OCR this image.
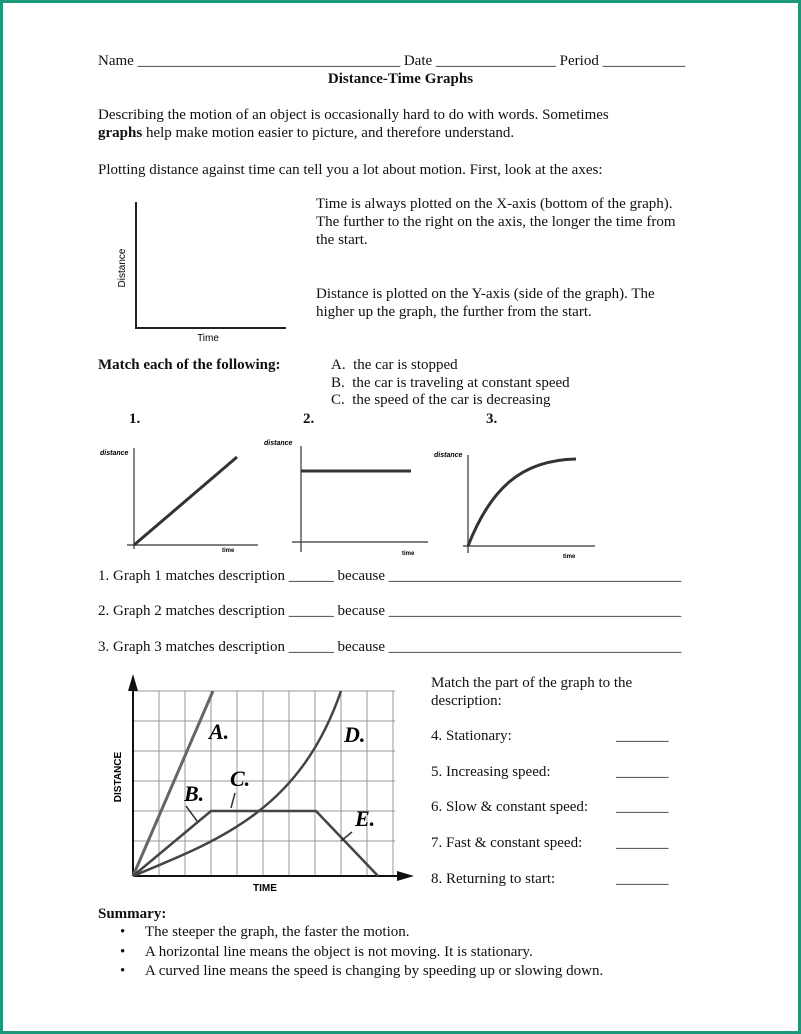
Name ___________________________________ Date ________________ Period ___________
Distance-Time Graphs
Describing the motion of an object is occasionally hard to do with words. Sometimes
graphs help make motion easier to picture, and therefore understand.
Plotting distance against time can tell you a lot about motion. First, look at the axes:
Distance
Time
Time is always plotted on the X-axis (bottom of the graph).
The further to the right on the axis, the longer the time from
the start.
Distance is plotted on the Y-axis (side of the graph). The
higher up the graph, the further from the start.
Match each of the following:	A. the car is stopped
B. the car is traveling at constant speed
C. the speed of the car is decreasing
1.	2.	3.
distance
time
distance
time
distance
time
1. Graph 1 matches description ______ because _______________________________________
2. Graph 2 matches description ______ because _______________________________________
3. Graph 3 matches description ______ because _______________________________________
A.
B.
C.
D.
E.
DISTANCE
TIME
Match the part of the graph to the
description:
4. Stationary:	_______
5. Increasing speed:	_______
6. Slow & constant speed: _______
7. Fast & constant speed: _______
8. Returning to start:	_______
Summary:
• The steeper the graph, the faster the motion.
• A horizontal line means the object is not moving. It is stationary.
• A curved line means the speed is changing by speeding up or slowing down.
